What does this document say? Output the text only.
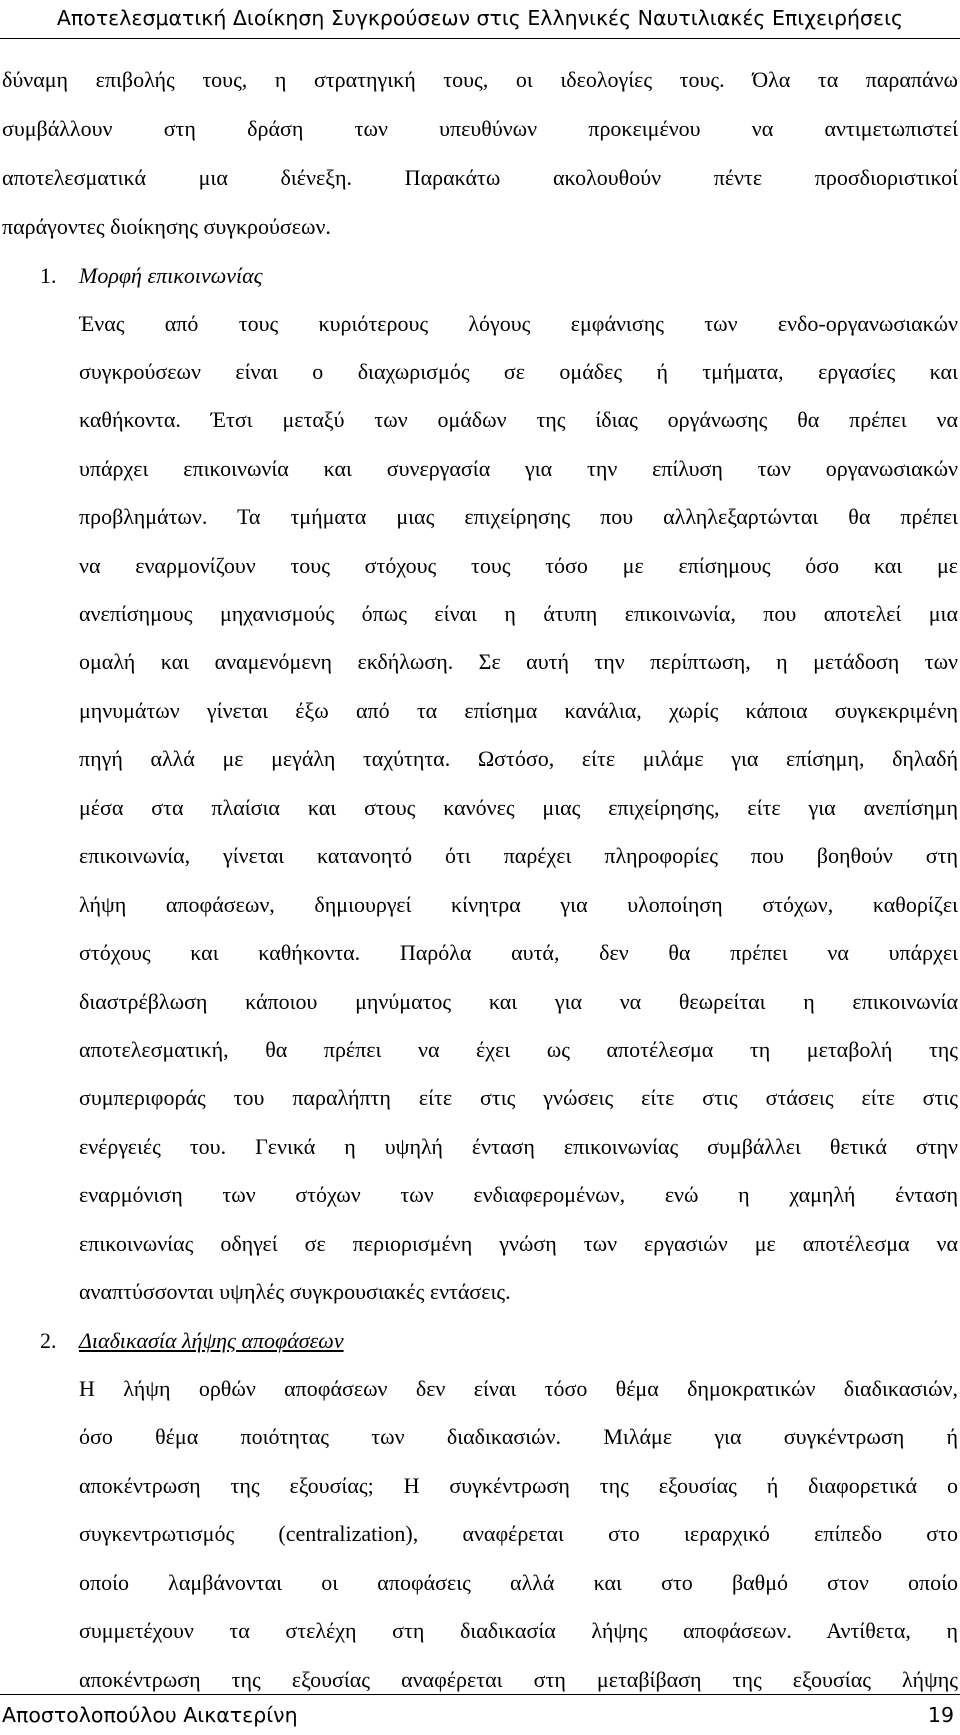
Αποτελεσματική Διοίκηση Συγκρούσεων στις Ελληνικές Ναυτιλιακές Επιχειρήσεις
δύναμη επιβολής τους, η στρατηγική τους, οι ιδεολογίες τους. Όλα τα παραπάνω
συμβάλλουν στη δράση των υπευθύνων προκειμένου να αντιμετωπιστεί
αποτελεσματικά μια διένεξη. Παρακάτω ακολουθούν πέντε προσδιοριστικοί
παράγοντες διοίκησης συγκρούσεων.
1.	Μορφή επικοινωνίας
Ένας από τους κυριότερους λόγους εμφάνισης των ενδο-οργανωσιακών
συγκρούσεων είναι ο διαχωρισμός σε ομάδες ή τμήματα, εργασίες και
καθήκοντα. Έτσι μεταξύ των ομάδων της ίδιας οργάνωσης θα πρέπει να
υπάρχει επικοινωνία και συνεργασία για την επίλυση των οργανωσιακών
προβλημάτων. Τα τμήματα μιας επιχείρησης που αλληλεξαρτώνται θα πρέπει
να εναρμονίζουν τους στόχους τους τόσο με επίσημους όσο και με
ανεπίσημους μηχανισμούς όπως είναι η άτυπη επικοινωνία, που αποτελεί μια
ομαλή και αναμενόμενη εκδήλωση. Σε αυτή την περίπτωση, η μετάδοση των
μηνυμάτων γίνεται έξω από τα επίσημα κανάλια, χωρίς κάποια συγκεκριμένη
πηγή αλλά με μεγάλη ταχύτητα. Ωστόσο, είτε μιλάμε για επίσημη, δηλαδή
μέσα στα πλαίσια και στους κανόνες μιας επιχείρησης, είτε για ανεπίσημη
επικοινωνία, γίνεται κατανοητό ότι παρέχει πληροφορίες που βοηθούν στη
λήψη αποφάσεων, δημιουργεί κίνητρα για υλοποίηση στόχων, καθορίζει
στόχους και καθήκοντα. Παρόλα αυτά, δεν θα πρέπει να υπάρχει
διαστρέβλωση κάποιου μηνύματος και για να θεωρείται η επικοινωνία
αποτελεσματική, θα πρέπει να έχει ως αποτέλεσμα τη μεταβολή της
συμπεριφοράς του παραλήπτη είτε στις γνώσεις είτε στις στάσεις είτε στις
ενέργειές του. Γενικά η υψηλή ένταση επικοινωνίας συμβάλλει θετικά στην
εναρμόνιση των στόχων των ενδιαφερομένων, ενώ η χαμηλή ένταση
επικοινωνίας οδηγεί σε περιορισμένη γνώση των εργασιών με αποτέλεσμα να
αναπτύσσονται υψηλές συγκρουσιακές εντάσεις.
2.	Διαδικασία λήψης αποφάσεων
Η λήψη ορθών αποφάσεων δεν είναι τόσο θέμα δημοκρατικών διαδικασιών,
όσο θέμα ποιότητας των διαδικασιών. Μιλάμε για συγκέντρωση ή
αποκέντρωση της εξουσίας; Η συγκέντρωση της εξουσίας ή διαφορετικά ο
συγκεντρωτισμός (centralization), αναφέρεται στο ιεραρχικό επίπεδο στο
οποίο λαμβάνονται οι αποφάσεις αλλά και στο βαθμό στον οποίο
συμμετέχουν τα στελέχη στη διαδικασία λήψης αποφάσεων. Αντίθετα, η
αποκέντρωση της εξουσίας αναφέρεται στη μεταβίβαση της εξουσίας λήψης
Αποστολοπούλου Αικατερίνη	19
